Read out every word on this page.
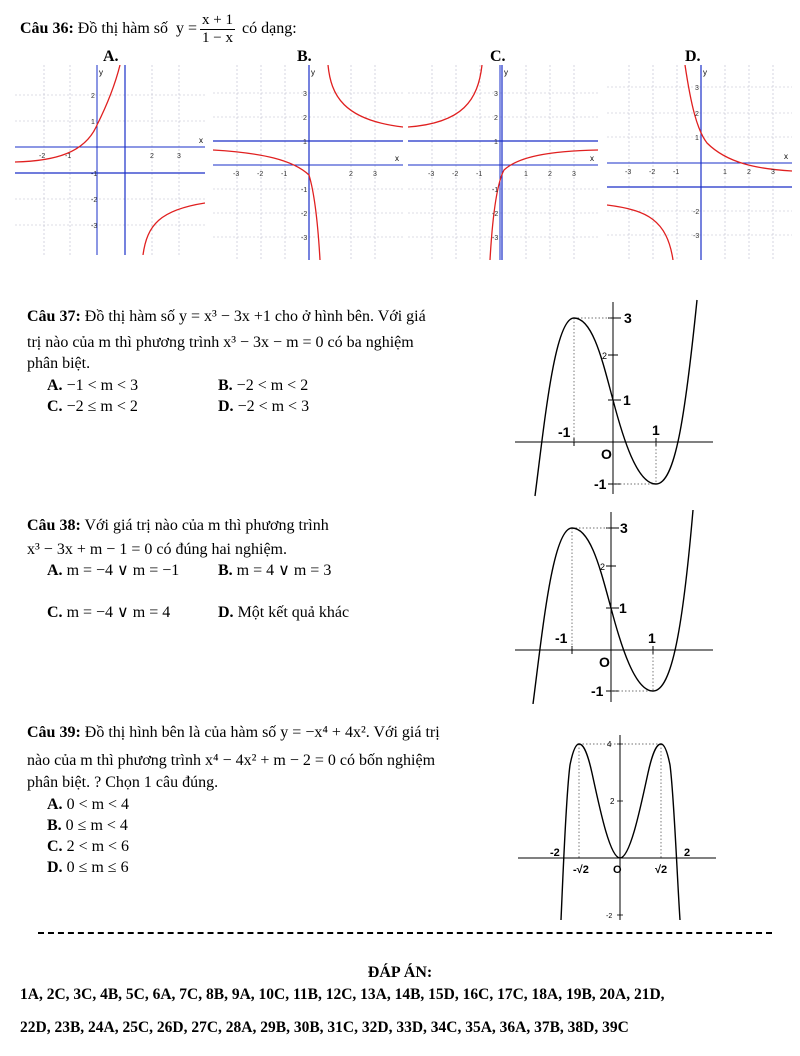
Câu 36: Đồ thị hàm số $y = \frac{x + 1}{1 - x}$ có dạng:
A.	B.	C.	D.
y
x
2
1
-1
-2
-3
-2	-1	2	3
y
x
3
2
1
-1
-2
-3
-3	-2	-1	2	3
y
x
3
2
1
-1
-2
-3
-3	-2	-1	1	2	3
y
x
3
2
1
-2
-3
-3	-2	-1	1	2	3
Câu 37: Đồ thị hàm số y = x³ − 3x +1 cho ở hình bên. Với giá
trị nào của m thì phương trình x³ − 3x − m = 0 có ba nghiệm
phân biệt.
A. −1 < m < 3	B. −2 < m < 2
C. −2 ≤ m < 2	D. −2 < m < 3
3
1
-1
-1	1
O
2
Câu 38: Với giá trị nào của m thì phương trình
x³ − 3x + m − 1 = 0 có đúng hai nghiệm.
A. m = −4 ∨ m = −1 B. m = 4 ∨ m = 3
C. m = −4 ∨ m = 4	D. Một kết quả khác
3
1
-1
-1	1
O
2
Câu 39: Đồ thị hình bên là của hàm số y = −x⁴ + 4x². Với giá trị
nào của m thì phương trình x⁴ − 4x² + m − 2 = 0 có bốn nghiệm
phân biệt. ? Chọn 1 câu đúng.
A. 0 < m < 4
B. 0 ≤ m < 4
C. 2 < m < 6
D. 0 ≤ m ≤ 6
4
2
-2
-2	2
-√2	√2
O
ĐÁP ÁN:
1A, 2C, 3C, 4B, 5C, 6A, 7C, 8B, 9A, 10C, 11B, 12C, 13A, 14B, 15D, 16C, 17C, 18A, 19B, 20A, 21D,
22D, 23B, 24A, 25C, 26D, 27C, 28A, 29B, 30B, 31C, 32D, 33D, 34C, 35A, 36A, 37B, 38D, 39C
